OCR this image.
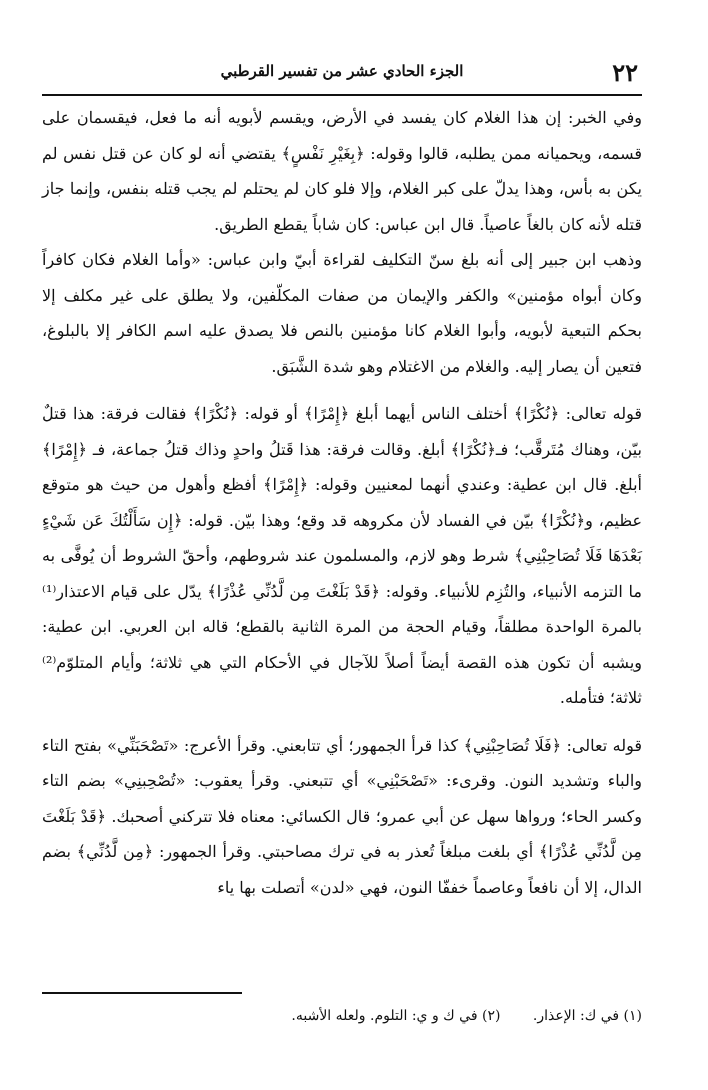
٢٢
الجزء الحادي عشر من تفسير القرطبي

وفي الخبر: إن هذا الغلام كان يفسد في الأرض، ويقسم لأبويه أنه ما فعل، فيقسمان على قسمه، ويحميانه ممن يطلبه، قالوا وقوله: ﴿بِغَيْرِ نَفْسٍ﴾ يقتضي أنه لو كان عن قتل نفس لم يكن به بأس، وهذا يدلّ على كبر الغلام، وإلا فلو كان لم يحتلم لم يجب قتله بنفس، وإنما جاز قتله لأنه كان بالغاً عاصياً. قال ابن عباس: كان شاباً يقطع الطريق.

وذهب ابن جبير إلى أنه بلغ سنّ التكليف لقراءة أبيّ وابن عباس: «وأما الغلام فكان كافراً وكان أبواه مؤمنين» والكفر والإيمان من صفات المكلّفين، ولا يطلق على غير مكلف إلا بحكم التبعية لأبويه، وأبوا الغلام كانا مؤمنين بالنص فلا يصدق عليه اسم الكافر إلا بالبلوغ، فتعين أن يصار إليه. والغلام من الاغتلام وهو شدة الشَّبَق.

قوله تعالى: ﴿نُكْرًا﴾ أختلف الناس أيهما أبلغ ﴿إِمْرًا﴾ أو قوله: ﴿نُكْرًا﴾ فقالت فرقة: هذا قتلٌ بيّن، وهناك مُتَرقَّب؛ فـ﴿نُكْرًا﴾ أبلغ. وقالت فرقة: هذا قَتلُ واحدٍ وذاك قتلُ جماعة، فـ ﴿إِمْرًا﴾ أبلغ. قال ابن عطية: وعندي أنهما لمعنيين وقوله: ﴿إِمْرًا﴾ أفظع وأهول من حيث هو متوقع عظيم، و﴿نُكْرًا﴾ بيّن في الفساد لأن مكروهه قد وقع؛ وهذا بيّن. قوله: ﴿إِن سَأَلْتُكَ عَن شَيْءٍ بَعْدَهَا فَلَا تُصَاحِبْنِي﴾ شرط وهو لازم، والمسلمون عند شروطهم، وأحقّ الشروط أن يُوفَّى به ما التزمه الأنبياء، والتُزِم للأنبياء. وقوله: ﴿قَدْ بَلَغْتَ مِن لَّدُنِّي عُذْرًا﴾ يدّل على قيام الاعتذار⁽¹⁾ بالمرة الواحدة مطلقاً، وقيام الحجة من المرة الثانية بالقطع؛ قاله ابن العربي. ابن عطية: ويشبه أن تكون هذه القصة أيضاً أصلاً للآجال في الأحكام التي هي ثلاثة؛ وأيام المتلوّم⁽²⁾ ثلاثة؛ فتأمله.

قوله تعالى: ﴿فَلَا تُصَاحِبْنِي﴾ كذا قرأ الجمهور؛ أي تتابعني. وقرأ الأعرج: «تَصْحَبَنِّي» بفتح التاء والباء وتشديد النون. وقرىء: «تَصْحَبْنِي» أي تتبعني. وقرأ يعقوب: «تُصْحِبنِي» بضم التاء وكسر الحاء؛ ورواها سهل عن أبي عمرو؛ قال الكسائي: معناه فلا تتركني أصحبك. ﴿قَدْ بَلَغْتَ مِن لَّدُنِّي عُذْرًا﴾ أي بلغت مبلغاً تُعذر به في ترك مصاحبتي. وقرأ الجمهور: ﴿مِن لَّدُنِّي﴾ بضم الدال، إلا أن نافعاً وعاصماً خففّا النون، فهي «لدن» أتصلت بها ياء

(١) في ك: الإعذار. (٢) في ك و ي: التلوم. ولعله الأشبه.
